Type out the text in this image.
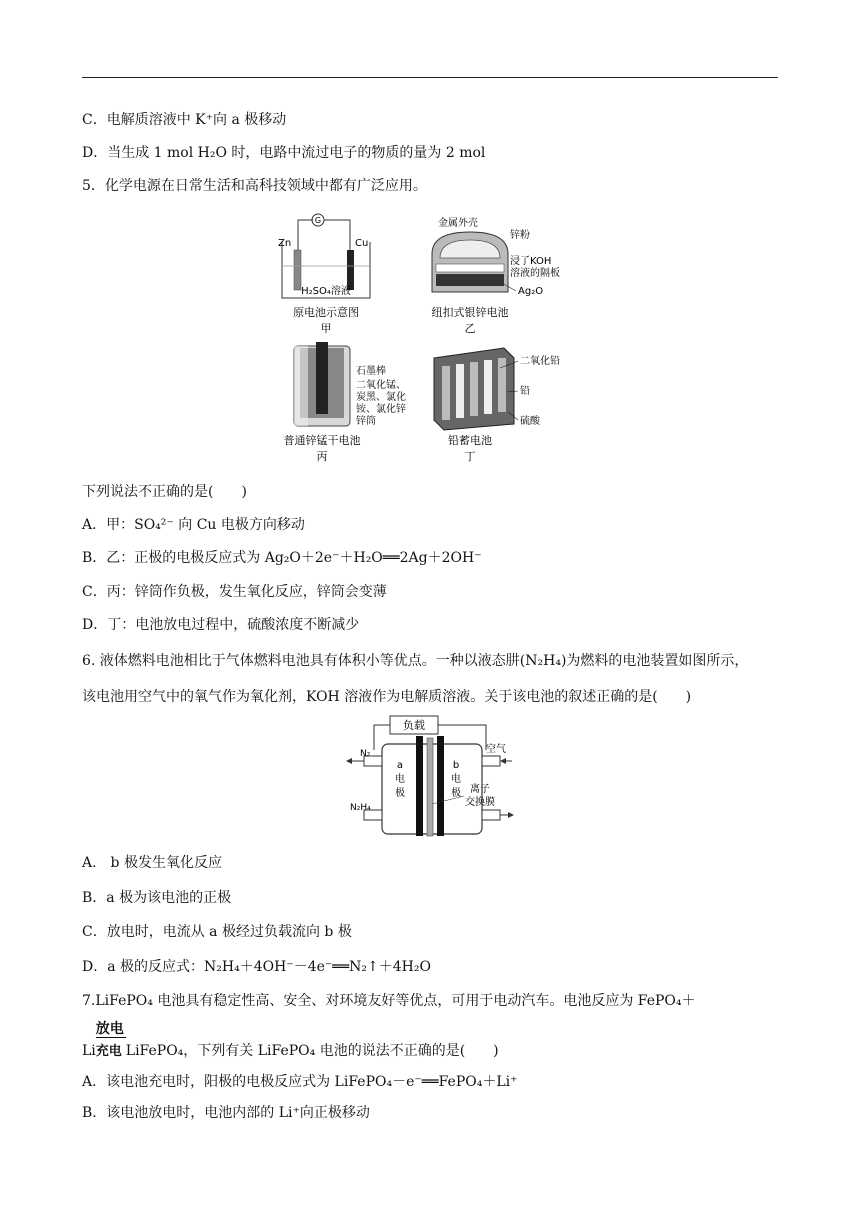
C．电解质溶液中 K⁺向 a 极移动
D．当生成 1 mol H₂O 时，电路中流过电子的物质的量为 2 mol
5．化学电源在日常生活和高科技领域中都有广泛应用。
G
Zn	Cu
H₂SO₄溶液
原电池示意图
甲
金属外壳
锌粉
浸了KOH
溶液的隔板
Ag₂O
纽扣式银锌电池
乙
石墨棒
二氧化锰、
炭黑、氯化
铵、氯化锌
锌筒
普通锌锰干电池
丙
二氧化铅
铅
硫酸
铅蓄电池
丁
下列说法不正确的是(　　)
A．甲：SO₄²⁻ 向 Cu 电极方向移动
B．乙：正极的电极反应式为 Ag₂O＋2e⁻＋H₂O══2Ag＋2OH⁻
C．丙：锌筒作负极，发生氧化反应，锌筒会变薄
D．丁：电池放电过程中，硫酸浓度不断减少
6. 液体燃料电池相比于气体燃料电池具有体积小等优点。一种以液态肼(N₂H₄)为燃料的电池装置如图所示，
该电池用空气中的氧气作为氧化剂，KOH 溶液作为电解质溶液。关于该电池的叙述正确的是(　　)
负载
N₂
N₂H₄
空气
a
电
极
b
电
极 离子
交换膜
A.　b 极发生氧化反应
B．a 极为该电池的正极
C．放电时，电流从 a 极经过负载流向 b 极
D．a 极的反应式：N₂H₄＋4OH⁻－4e⁻══N₂↑＋4H₂O
7.LiFePO₄ 电池具有稳定性高、安全、对环境友好等优点，可用于电动汽车。电池反应为 FePO₄＋
Li
放电
充电 LiFePO₄，下列有关 LiFePO₄ 电池的说法不正确的是(　　)
A．该电池充电时，阳极的电极反应式为 LiFePO₄－e⁻══FePO₄＋Li⁺
B．该电池放电时，电池内部的 Li⁺向正极移动
